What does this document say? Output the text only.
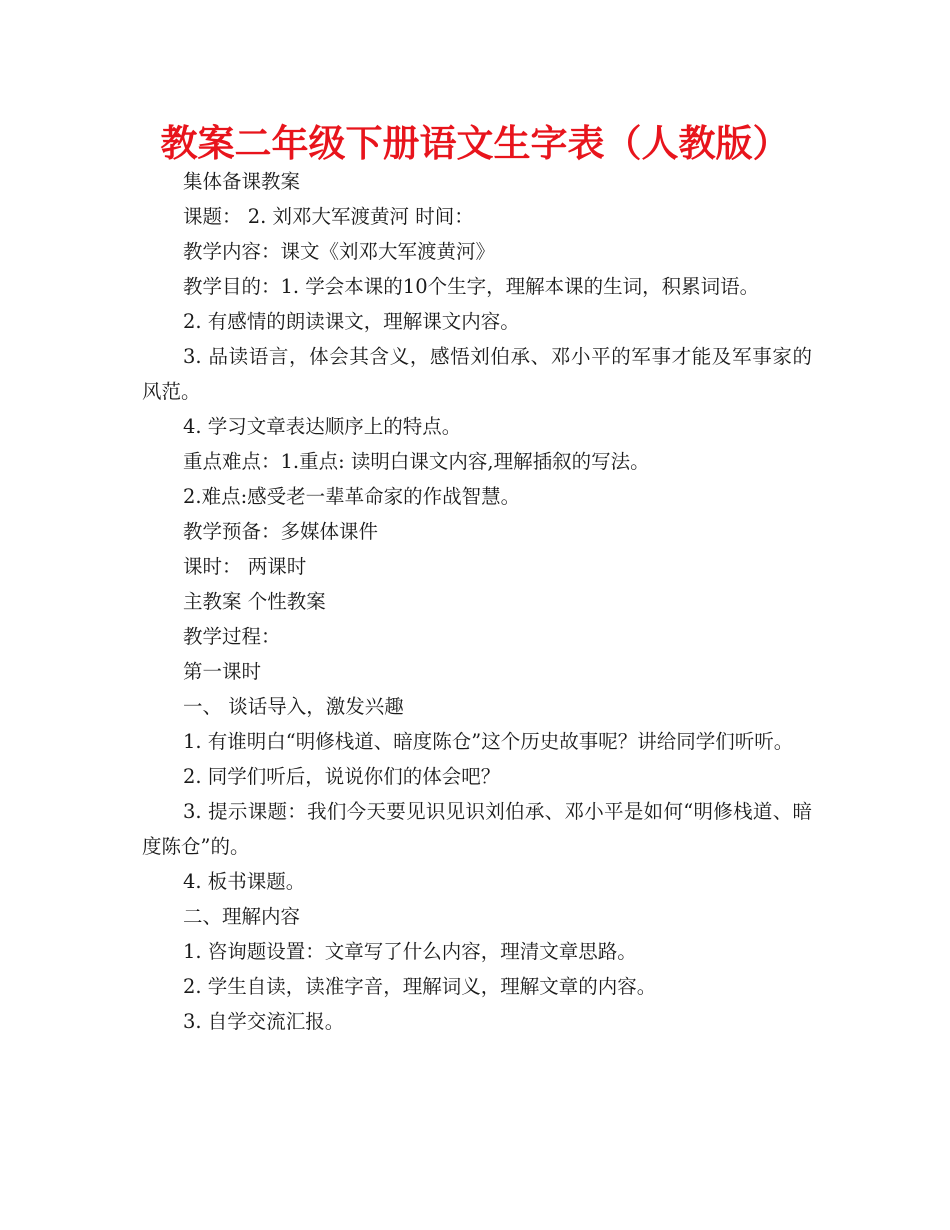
教案二年级下册语文生字表（人教版）

集体备课教案

课题： 2. 刘邓大军渡黄河 时间：

教学内容：课文《刘邓大军渡黄河》

教学目的：1. 学会本课的10个生字，理解本课的生词，积累词语。

2. 有感情的朗读课文，理解课文内容。

3. 品读语言，体会其含义，感悟刘伯承、邓小平的军事才能及军事家的风范。

4. 学习文章表达顺序上的特点。

重点难点：1.重点: 读明白课文内容,理解插叙的写法。

2.难点:感受老一辈革命家的作战智慧。

教学预备：多媒体课件

课时： 两课时

主教案 个性教案

教学过程：

第一课时

一、 谈话导入，激发兴趣

1. 有谁明白“明修栈道、暗度陈仓”这个历史故事呢？讲给同学们听听。

2. 同学们听后，说说你们的体会吧？

3. 提示课题：我们今天要见识见识刘伯承、邓小平是如何“明修栈道、暗度陈仓”的。

4. 板书课题。

二、理解内容

1. 咨询题设置：文章写了什么内容，理清文章思路。

2. 学生自读，读准字音，理解词义，理解文章的内容。

3. 自学交流汇报。
